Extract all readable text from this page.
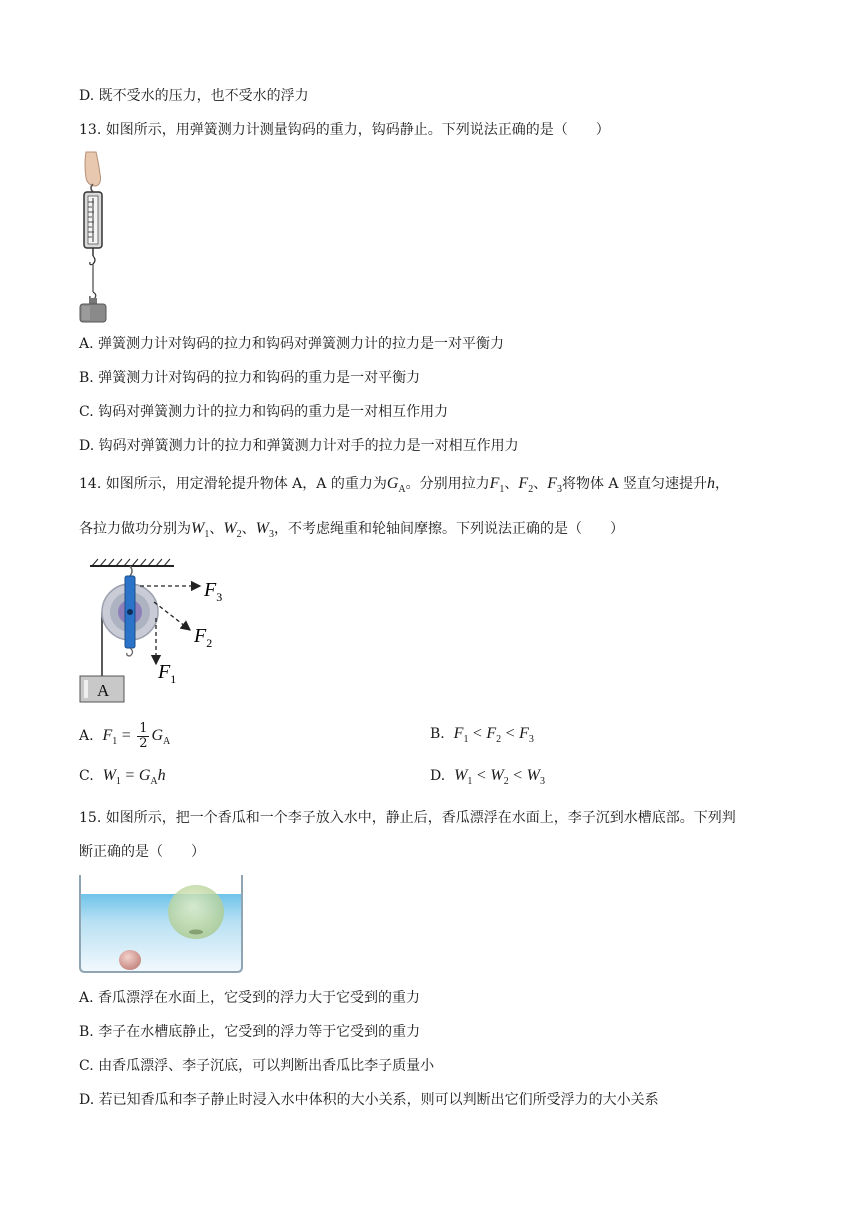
D. 既不受水的压力，也不受水的浮力
13. 如图所示，用弹簧测力计测量钩码的重力，钩码静止。下列说法正确的是（　　）
A. 弹簧测力计对钩码的拉力和钩码对弹簧测力计的拉力是一对平衡力
B. 弹簧测力计对钩码的拉力和钩码的重力是一对平衡力
C. 钩码对弹簧测力计的拉力和钩码的重力是一对相互作用力
D. 钩码对弹簧测力计的拉力和弹簧测力计对手的拉力是一对相互作用力
14. 如图所示，用定滑轮提升物体 A，A 的重力为$G_A$。分别用拉力$F_1$、$F_2$、$F_3$将物体 A 竖直匀速提升h，
各拉力做功分别为$W_1$、$W_2$、$W_3$，不考虑绳重和轮轴间摩擦。下列说法正确的是（　　）
$F_3$
$F_2$
$F_1$
A
A. $F_1 = \frac{1}{2} G_A$	B. $F_1 < F_2 < F_3$
C. $W_1 = G_Ah$	D. $W_1 < W_2 < W_3$
15. 如图所示，把一个香瓜和一个李子放入水中，静止后，香瓜漂浮在水面上，李子沉到水槽底部。下列判
断正确的是（　　）
A. 香瓜漂浮在水面上，它受到的浮力大于它受到的重力
B. 李子在水槽底静止，它受到的浮力等于它受到的重力
C. 由香瓜漂浮、李子沉底，可以判断出香瓜比李子质量小
D. 若已知香瓜和李子静止时浸入水中体积的大小关系，则可以判断出它们所受浮力的大小关系
